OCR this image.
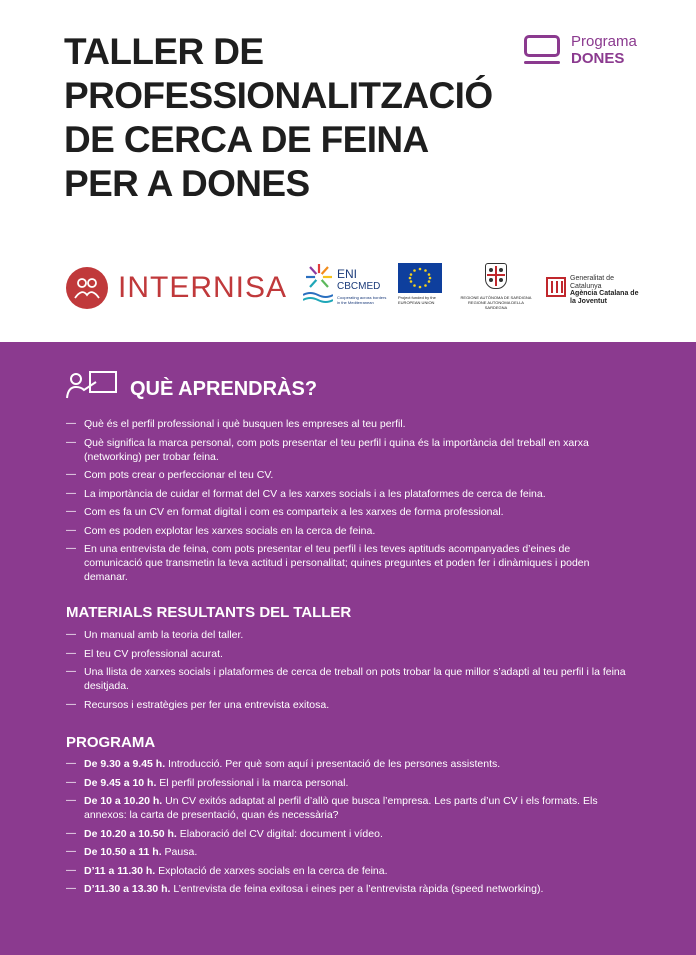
TALLER DE
PROFESSIONALITZACIÓ
DE CERCA DE FEINA
PER A DONES
Programa
DONES
INTERNISA	ENI
CBCMED
Cooperating across borders in the Mediterranean
Project funded by the EUROPEAN UNION
REGIONE AUTÒNOMA DE SARDIGNA REGIONE AUTONOMA DELLA SARDEGNA
Generalitat de Catalunya
Agència Catalana de la Joventut
QUÈ APRENDRÀS?
— Què és el perfil professional i què busquen les empreses al teu perfil.
— Què significa la marca personal, com pots presentar el teu perfil i quina és la importància del treball en xarxa (networking) per trobar feina.
— Com pots crear o perfeccionar el teu CV.
— La importància de cuidar el format del CV a les xarxes socials i a les plataformes de cerca de feina.
— Com es fa un CV en format digital i com es comparteix a les xarxes de forma professional.
— Com es poden explotar les xarxes socials en la cerca de feina.
— En una entrevista de feina, com pots presentar el teu perfil i les teves aptituds acompanyades d’eines de comunicació que transmetin la teva actitud i personalitat; quines preguntes et poden fer i dinàmiques i poden demanar.
MATERIALS RESULTANTS DEL TALLER
— Un manual amb la teoria del taller.
— El teu CV professional acurat.
— Una llista de xarxes socials i plataformes de cerca de treball on pots trobar la que millor s’adapti al teu perfil i la feina desitjada.
— Recursos i estratègies per fer una entrevista exitosa.
PROGRAMA
— De 9.30 a 9.45 h. Introducció. Per què som aquí i presentació de les persones assistents.
— De 9.45 a 10 h. El perfil professional i la marca personal.
— De 10 a 10.20 h. Un CV exitós adaptat al perfil d’allò que busca l’empresa. Les parts d’un CV i els formats. Els annexos: la carta de presentació, quan és necessària?
— De 10.20 a 10.50 h. Elaboració del CV digital: document i vídeo.
— De 10.50 a 11 h. Pausa.
— D’11 a 11.30 h. Explotació de xarxes socials en la cerca de feina.
— D’11.30 a 13.30 h. L’entrevista de feina exitosa i eines per a l’entrevista ràpida (speed networking).
